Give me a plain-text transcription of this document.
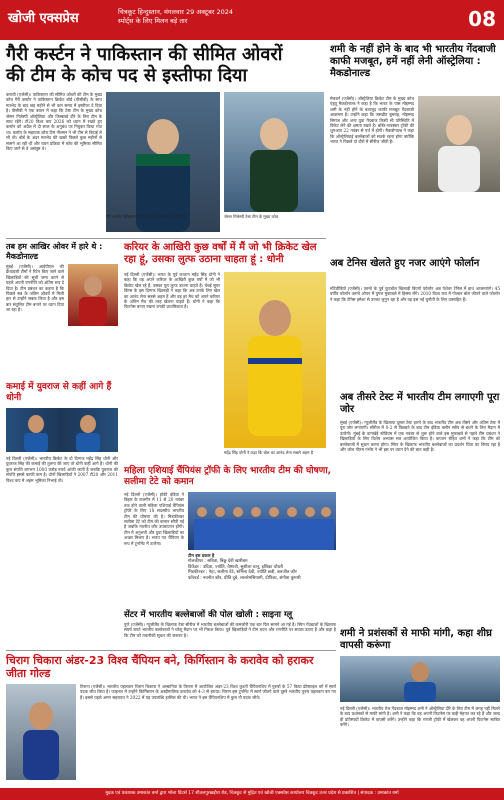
खोजी एक्सप्रेस	चित्रकूट हिन्दुस्तान, मंगलवार 29 अक्टूबर 2024
स्पोर्ट्स के लिए मिलन बड़े तार	08
गैरी कर्स्टन ने पाकिस्तान की सीमित ओवरों
की टीम के कोच पद से इस्तीफा दिया
कराची (एजेंसी)। पाकिस्तान की सीमित ओवरों की टीम के मुख्य कोच गैरी कर्स्टन ने पाकिस्तान क्रिकेट बोर्ड (पीसीबी) के साथ मतभेद के बाद छह महीने से भी कम समय में इस्तीफा दे दिया है। पीसीबी ने एक बयान में कहा कि टेस्ट टीम के मुख्य कोच जेसन गिलेस्पी ऑस्ट्रेलिया और जिम्बाब्वे दौरे के लिए टीम के साथ रहेंगे। टी20 विश्व कप 2026 को ध्यान में रखते हुए कर्स्टन को अप्रैल में दो साल के अनुबंध पर नियुक्त किया गया था। कर्स्टन के सहायक कोच टिम नील्सन ने भी टीम से विदाई ले ली थी। बोर्ड के अंदर मतभेद की खबरें पिछले कुछ महीनों से सामने आ रही थीं और चयन प्रक्रिया में कोच की भूमिका सीमित किए जाने से वे असंतुष्ट थे।
गैरी कर्स्टन पाकिस्तान टीम के साथ अभ्यास सत्र के दौरान	जेसन गिलेस्पी टेस्ट टीम के मुख्य कोच
शमी के नहीं होने के बाद भी भारतीय गेंदबाजी काफी मजबूत, हमें नहीं लेनी ऑस्ट्रेलिया : मैकडोनाल्ड
मेलबर्न (एजेंसी)। ऑस्ट्रेलिया क्रिकेट टीम के मुख्य कोच एंड्रयू मैकडोनाल्ड ने कहा है कि भारत के पास मोहम्मद शमी के नहीं होने के बावजूद काफी मजबूत गेंदबाजी आक्रमण है। उन्होंने कहा कि जसप्रीत बुमराह, मोहम्मद सिराज और अन्य युवा गेंदबाज किसी भी परिस्थिति में विकेट लेने की क्षमता रखते हैं। बॉर्डर-गावस्कर ट्रॉफी की शुरुआत 22 नवंबर से पर्थ में होगी। मैकडोनाल्ड ने कहा कि ऑस्ट्रेलियाई बल्लेबाजों को सतर्क रहना होगा क्योंकि भारत ने पिछले दो दौरों में सीरीज जीती है।
तब हम आखिर ओवर में हारे थे : मैकडोनाल्ड
मुंबई (एजेंसी)। आईपीएल की फ्रेंचाइजी टीमों ने रिटेन किए जाने वाले खिलाड़ियों की सूची जमा करने से पहले अपनी रणनीति को अंतिम रूप दे दिया है। टीम प्रबंधन का कहना है कि पिछले सत्र के अंतिम ओवरों में मिली हार से उन्होंने सबक लिया है और इस बार संतुलित टीम बनाने पर ध्यान दिया जा रहा है।
करियर के आखिरी कुछ वर्षों में मैं जो भी क्रिकेट खेल रहा हूं, उसका लुत्फ उठाना चाहता हूं : धोनी
नई दिल्ली (एजेंसी)। भारत के पूर्व कप्तान महेंद्र सिंह धोनी ने कहा कि वह अपने करियर के आखिरी कुछ वर्षों में जो भी क्रिकेट खेल रहे हैं, उसका पूरा लुत्फ उठाना चाहते हैं। चेन्नई सुपर किंग्स के इस दिग्गज खिलाड़ी ने कहा कि अब उनके लिए खेल का आनंद लेना सबसे अहम है और वह हर मैच को अपने करियर के अंतिम मैच की तरह खेलना चाहते हैं। धोनी ने कहा कि फिटनेस बनाए रखना उनकी प्राथमिकता है।
महेंद्र सिंह धोनी ने कहा कि खेल का आनंद लेना सबसे अहम है
अब टेनिस खेलते हुए नजर आएंगे फोर्लान
मोंटेवीडियो (एजेंसी)। उरुग्वे के पूर्व फुटबॉल खिलाड़ी डिएगो फोर्लान अब पेशेवर टेनिस में हाथ आजमाएंगे। 45 वर्षीय फोर्लान उरुग्वे ओपन में युगल मुकाबले में हिस्सा लेंगे। 2010 विश्व कप में गोल्डन बॉल जीतने वाले फोर्लान ने कहा कि टेनिस हमेशा से उनका जुनून रहा है और वह इस नई चुनौती के लिए उत्साहित हैं।
कमाई में युवराज से कहीं आगे हैं धोनी
नई दिल्ली (एजेंसी)। भारतीय क्रिकेट के दो दिग्गज महेंद्र सिंह धोनी और युवराज सिंह की कमाई की तुलना की जाए तो धोनी कहीं आगे हैं। धोनी की कुल संपत्ति लगभग 1000 करोड़ रुपये आंकी जाती है जबकि युवराज की संपत्ति इससे काफी कम है। दोनों खिलाड़ियों ने 2007 टी20 और 2011 विश्व कप में अहम भूमिका निभाई थी।
महिला एशियाई चैंपियंस ट्रॉफी के लिए भारतीय टीम की घोषणा, सलीमा टेटे को कमान
नई दिल्ली (एजेंसी)। हॉकी इंडिया ने बिहार के राजगीर में 11 से 20 नवंबर तक होने वाली महिला एशियाई चैंपियंस ट्रॉफी के लिए 18 सदस्यीय भारतीय टीम की घोषणा की है। मिडफील्डर सलीमा टेटे को टीम की कमान सौंपी गई है जबकि नवनीत कौर उपकप्तान होंगी। टीम में अनुभवी और युवा खिलाड़ियों का अच्छा मिश्रण है। भारत गत चैंपियन के रूप में टूर्नामेंट में उतरेगा।
टीम इस प्रकार है
गोलकीपर : सविता, बिछु देवी खारीबम
डिफेंडर : उदिता, ज्योति, वैष्णवी, सुशीला चानू, इशिका चौधरी
मिडफील्डर : नेहा, सलीमा टेटे, शर्मिला देवी, ज्योति छत्री, बलजीत कौर
फॉरवर्ड : नवनीत कौर, प्रीति दुबे, लालरेमसियामी, दीपिका, संगीता कुमारी
अब तीसरे टेस्ट में भारतीय टीम लगाएगी पूरा जोर
मुंबई (एजेंसी)। न्यूजीलैंड के खिलाफ दूसरा टेस्ट हारने के बाद भारतीय टीम अब तीसरे और अंतिम टेस्ट में पूरा जोर लगाएगी। सीरीज में 0-2 से पिछड़ने के बाद टीम इंडिया क्लीन स्वीप से बचने के लिए मैदान में उतरेगी। मुंबई के वानखेड़े स्टेडियम में एक नवंबर से शुरू होने वाले इस मुकाबले से पहले टीम प्रबंधन ने खिलाड़ियों के लिए विशेष अभ्यास सत्र आयोजित किया है। कप्तान रोहित शर्मा ने कहा कि टीम को बल्लेबाजी में सुधार करना होगा। स्पिन के खिलाफ भारतीय बल्लेबाजों का प्रदर्शन चिंता का विषय रहा है और कोच गौतम गंभीर ने भी इस पर ध्यान देने की बात कही है।
सेंटर में भारतीय बल्लेबाजों की पोल खोली : साइना ग्लू
पुणे (एजेंसी)। न्यूजीलैंड के खिलाफ टेस्ट सीरीज में भारतीय बल्लेबाजों की कमजोरी एक बार फिर सामने आ गई है। स्पिन गेंदबाजों के खिलाफ संघर्ष करते भारतीय बल्लेबाजों ने घरेलू मैदान पर भी निराश किया। पूर्व खिलाड़ियों ने टीम चयन और रणनीति पर सवाल उठाए हैं और कहा है कि टीम को तकनीकी सुधार की जरूरत है।
चिराग चिकारा अंडर-23 विश्व चैंपियन बने, किर्गिस्तान के करावेव को हराकर जीता गोल्ड
तिराना (एजेंसी)। भारतीय पहलवान चिराग चिकारा ने अल्बानिया के तिराना में आयोजित अंडर-23 विश्व कुश्ती चैंपियनशिप में पुरुषों के 57 किग्रा फ्रीस्टाइल वर्ग में स्वर्ण पदक जीत लिया है। फाइनल में उन्होंने किर्गिस्तान के अब्दीमालिक करावेव को 4-3 से हराया। चिराग इस टूर्नामेंट में स्वर्ण जीतने वाले दूसरे भारतीय पुरुष पहलवान बन गए हैं। इससे पहले अमन सहरावत ने 2022 में यह उपलब्धि हासिल की थी। भारत ने इस चैंपियनशिप में कुल नौ पदक जीते।
शमी ने प्रशंसकों से माफी मांगी, कहा शीघ्र वापसी करूंगा
नई दिल्ली (एजेंसी)। भारतीय तेज गेंदबाज मोहम्मद शमी ने ऑस्ट्रेलिया दौरे के लिए टीम में जगह नहीं मिलने के बाद प्रशंसकों से माफी मांगी है। शमी ने कहा कि वह अपनी फिटनेस पर कड़ी मेहनत कर रहे हैं और जल्द ही प्रतिस्पर्धी क्रिकेट में वापसी करेंगे। उन्होंने कहा कि रणजी ट्रॉफी में खेलकर वह अपनी फिटनेस साबित करेंगे।
मुद्रक एवं प्रकाशक उमाकांत वर्मा द्वारा भोला प्रिंटर्स 17 शीतलपुरखड़ौरा रोड, चित्रकूट से मुद्रित एवं खोजी एक्सप्रेस कार्यालय चित्रकूट उत्तर प्रदेश से प्रकाशित | संपादक : उमाकांत वर्मा
